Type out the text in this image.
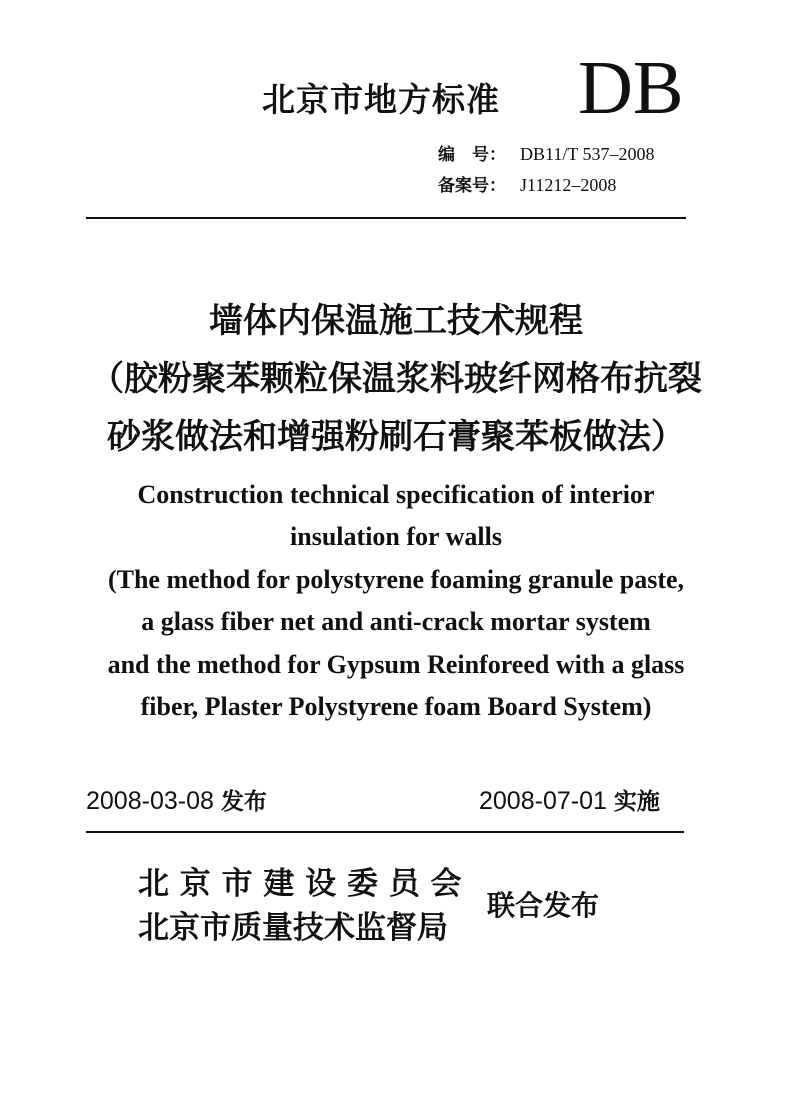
北京市地方标准 DB
编　号： DB11/T 537–2008
备案号： J11212–2008
墙体内保温施工技术规程
（胶粉聚苯颗粒保温浆料玻纤网格布抗裂
砂浆做法和增强粉刷石膏聚苯板做法）
Construction technical specification of interior
insulation for walls
(The method for polystyrene foaming granule paste,
a glass fiber net and anti-crack mortar system
and the method for Gypsum Reinforeed with a glass
fiber, Plaster Polystyrene foam Board System)
2008-03-08 发布	2008-07-01 实施
北 京 市 建 设 委 员 会
北京市质量技术监督局
联合发布
